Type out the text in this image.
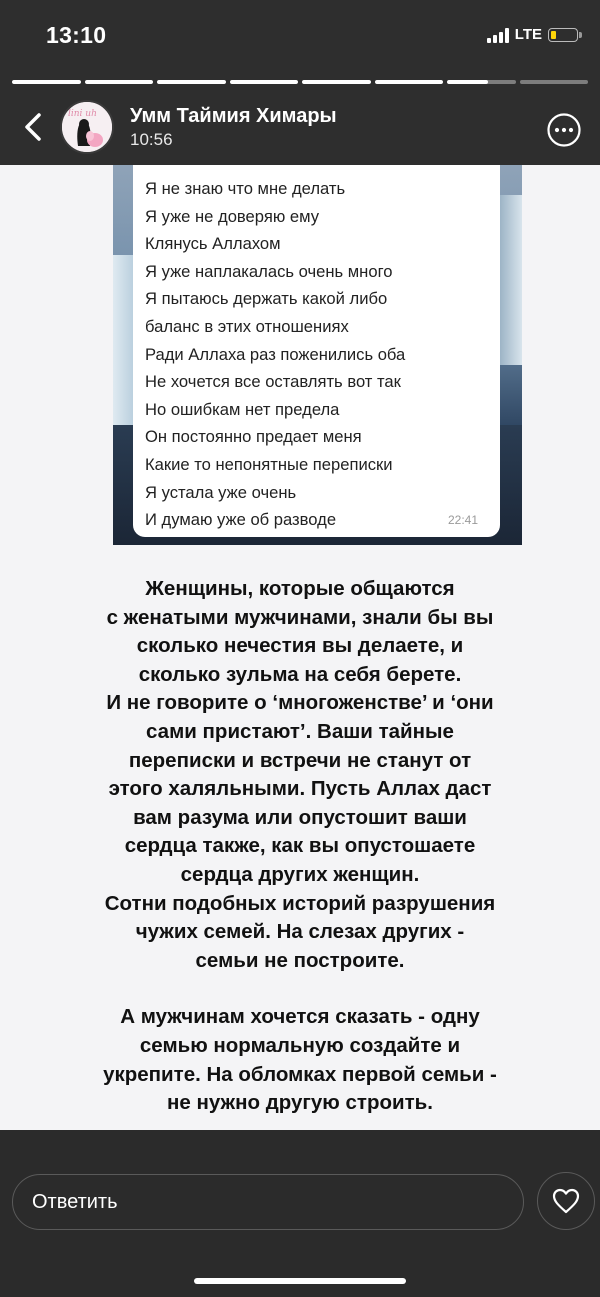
13:10	LTE
lini uh Умм Таймия Химары
10:56
Я не знаю что мне делать
Я уже не доверяю ему
Клянусь Аллахом
Я уже наплакалась очень много
Я пытаюсь держать какой либо
баланс в этих отношениях
Ради Аллаха раз поженились оба
Не хочется все оставлять вот так
Но ошибкам нет предела
Он постоянно предает меня
Какие то непонятные переписки
Я устала уже очень
И думаю уже об разводе	22:41
Женщины, которые общаются
с женатыми мужчинами, знали бы вы
сколько нечестия вы делаете, и
сколько зульма на себя берете.
И не говорите о ‘многоженстве’ и ‘они
сами пристают’. Ваши тайные
переписки и встречи не станут от
этого халяльными. Пусть Аллах даст
вам разума или опустошит ваши
сердца также, как вы опустошаете
сердца других женщин.
Сотни подобных историй разрушения
чужих семей. На слезах других -
семьи не построите.
А мужчинам хочется сказать - одну
семью нормальную создайте и
укрепите. На обломках первой семьи -
не нужно другую строить.
Ответить
